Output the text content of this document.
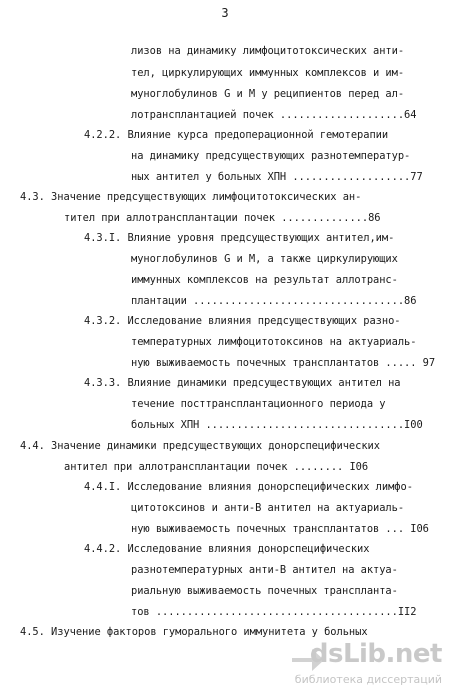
3
лизов на динамику лимфоцитотоксических анти-
тел, циркулирующих иммунных комплексов и им-
муноглобулинов G и M у реципиентов перед ал-
лотрансплантацией почек ....................64
4.2.2. Влияние курса предоперационной гемотерапии
на динамику предсуществующих разнотемператур-
ных антител у больных ХПН ...................77
4.3. Значение предсуществующих лимфоцитотоксических ан-
тител при аллотрансплантации почек ..............86
4.3.I. Влияние уровня предсуществующих антител,им-
муноглобулинов G и M, а также циркулирующих
иммунных комплексов на результат аллотранс-
плантации ..................................86
4.3.2. Исследование влияния предсуществующих разно-
температурных лимфоцитотоксинов на актуариаль-
ную выживаемость почечных трансплантатов ..... 97
4.3.3. Влияние динамики предсуществующих антител на
течение посттрансплантационного периода у
больных ХПН ................................I00
4.4. Значение динамики предсуществующих донорспецифических
антител при аллотрансплантации почек ........ I06
4.4.I. Исследование влияния донорспецифических лимфо-
цитотоксинов и анти-В антител на актуариаль-
ную выживаемость почечных трансплантатов ... I06
4.4.2. Исследование влияния донорспецифических
разнотемпературных анти-В антител на актуа-
риальную выживаемость почечных трансплантa-
тов .......................................II2
4.5. Изучение факторов гуморального иммунитета у больных
dsLib.net
библиотека диссертаций
